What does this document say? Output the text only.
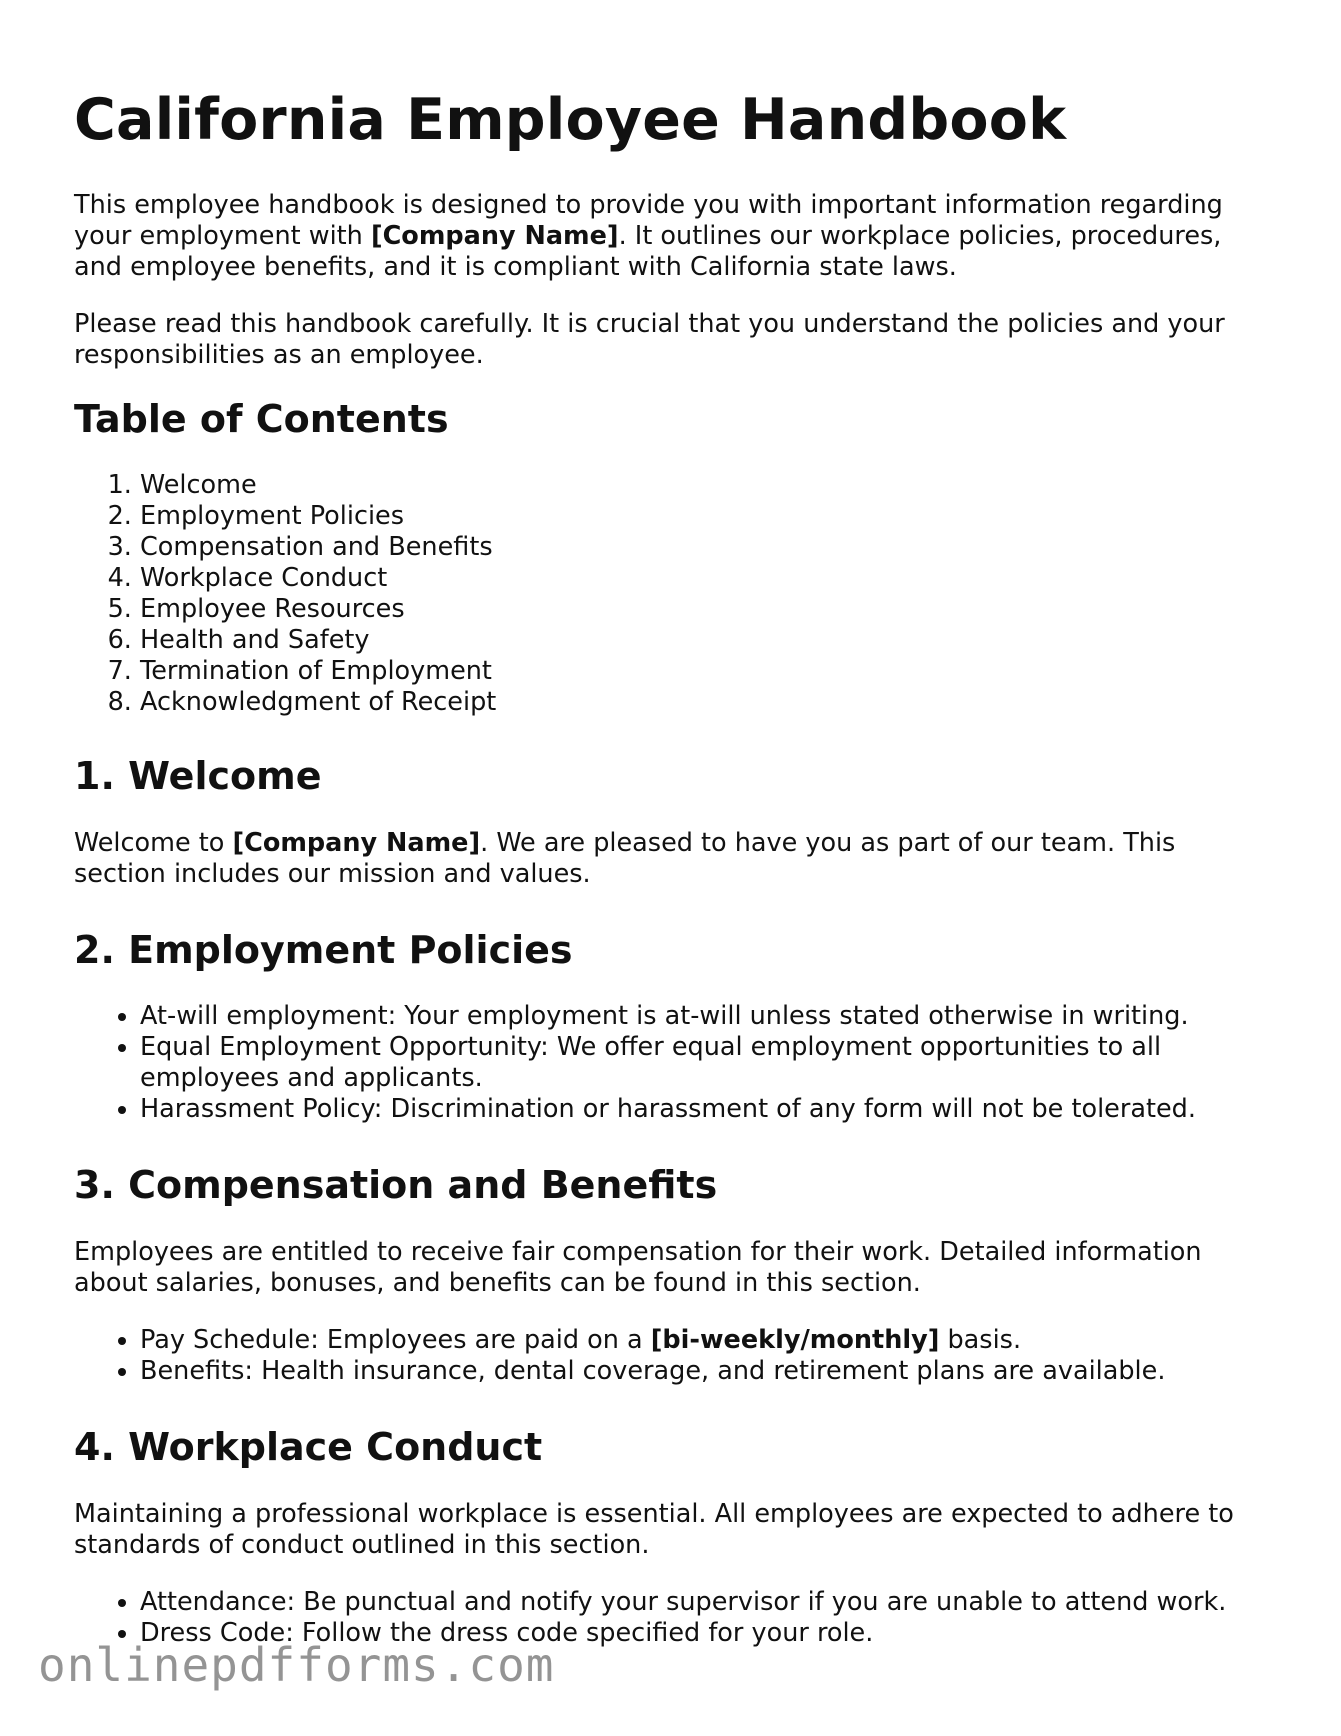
California Employee Handbook

This employee handbook is designed to provide you with important information regarding your employment with [Company Name]. It outlines our workplace policies, procedures, and employee benefits, and it is compliant with California state laws.

Please read this handbook carefully. It is crucial that you understand the policies and your responsibilities as an employee.

Table of Contents
1. Welcome
2. Employment Policies
3. Compensation and Benefits
4. Workplace Conduct
5. Employee Resources
6. Health and Safety
7. Termination of Employment
8. Acknowledgment of Receipt
1. Welcome

Welcome to [Company Name]. We are pleased to have you as part of our team. This section includes our mission and values.

2. Employment Policies
• At-will employment: Your employment is at-will unless stated otherwise in writing.
• Equal Employment Opportunity: We offer equal employment opportunities to all employees and applicants.
• Harassment Policy: Discrimination or harassment of any form will not be tolerated.
3. Compensation and Benefits

Employees are entitled to receive fair compensation for their work. Detailed information about salaries, bonuses, and benefits can be found in this section.

• Pay Schedule: Employees are paid on a [bi-weekly/monthly] basis.
• Benefits: Health insurance, dental coverage, and retirement plans are available.
4. Workplace Conduct

Maintaining a professional workplace is essential. All employees are expected to adhere to standards of conduct outlined in this section.

• Attendance: Be punctual and notify your supervisor if you are unable to attend work.
• Dress Code: Follow the dress code specified for your role.
onlinepdfforms.com
